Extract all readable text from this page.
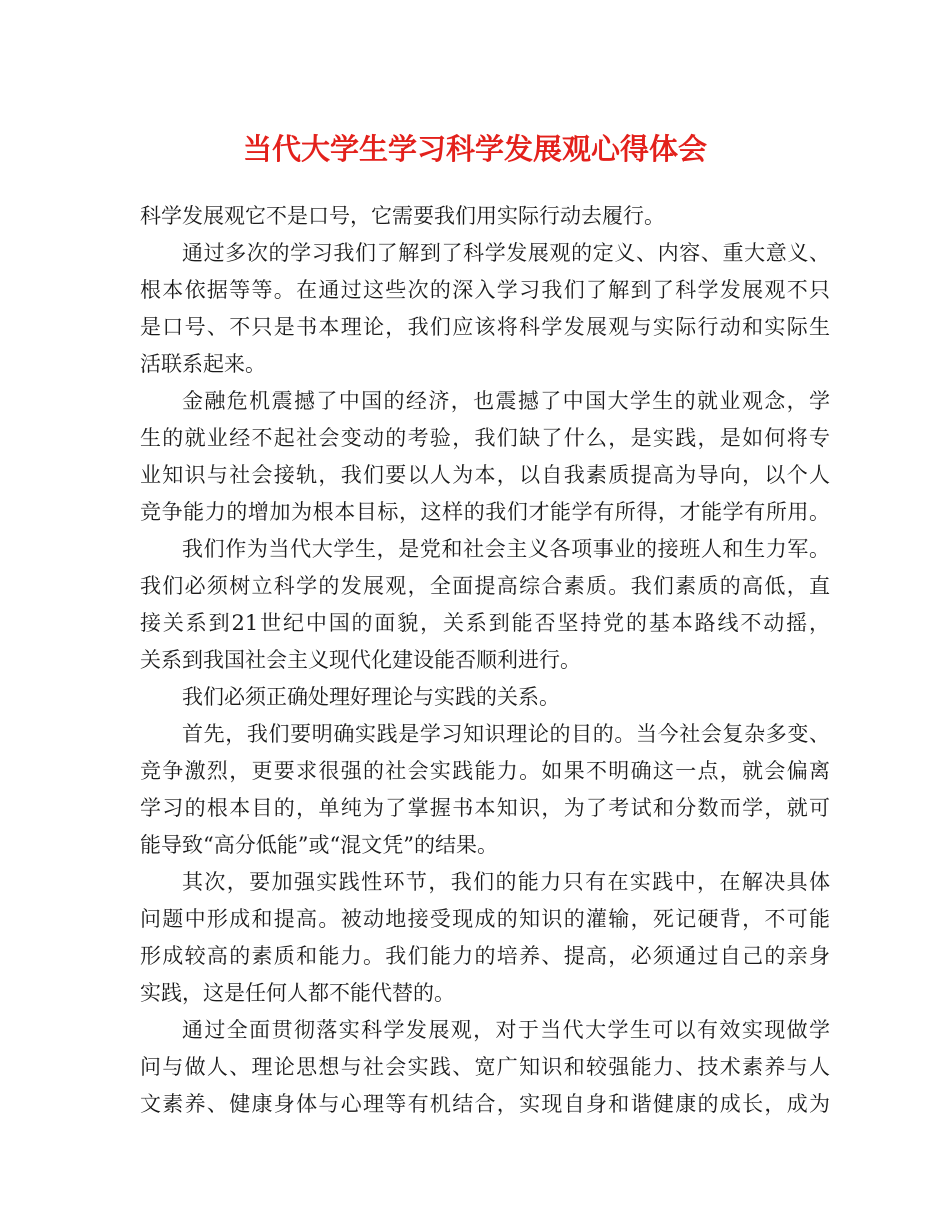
当代大学生学习科学发展观心得体会
科学发展观它不是口号，它需要我们用实际行动去履行。
通过多次的学习我们了解到了科学发展观的定义、内容、重大意义、
根本依据等等。在通过这些次的深入学习我们了解到了科学发展观不只
是口号、不只是书本理论，我们应该将科学发展观与实际行动和实际生
活联系起来。
金融危机震撼了中国的经济，也震撼了中国大学生的就业观念，学
生的就业经不起社会变动的考验，我们缺了什么，是实践，是如何将专
业知识与社会接轨，我们要以人为本，以自我素质提高为导向，以个人
竞争能力的增加为根本目标，这样的我们才能学有所得，才能学有所用。
我们作为当代大学生，是党和社会主义各项事业的接班人和生力军。
我们必须树立科学的发展观，全面提高综合素质。我们素质的高低，直
接关系到21世纪中国的面貌，关系到能否坚持党的基本路线不动摇，
关系到我国社会主义现代化建设能否顺利进行。
我们必须正确处理好理论与实践的关系。
首先，我们要明确实践是学习知识理论的目的。当今社会复杂多变、
竞争激烈，更要求很强的社会实践能力。如果不明确这一点，就会偏离
学习的根本目的，单纯为了掌握书本知识，为了考试和分数而学，就可
能导致“高分低能”或“混文凭”的结果。
其次，要加强实践性环节，我们的能力只有在实践中，在解决具体
问题中形成和提高。被动地接受现成的知识的灌输，死记硬背，不可能
形成较高的素质和能力。我们能力的培养、提高，必须通过自己的亲身
实践，这是任何人都不能代替的。
通过全面贯彻落实科学发展观，对于当代大学生可以有效实现做学
问与做人、理论思想与社会实践、宽广知识和较强能力、技术素养与人
文素养、健康身体与心理等有机结合，实现自身和谐健康的成长，成为
